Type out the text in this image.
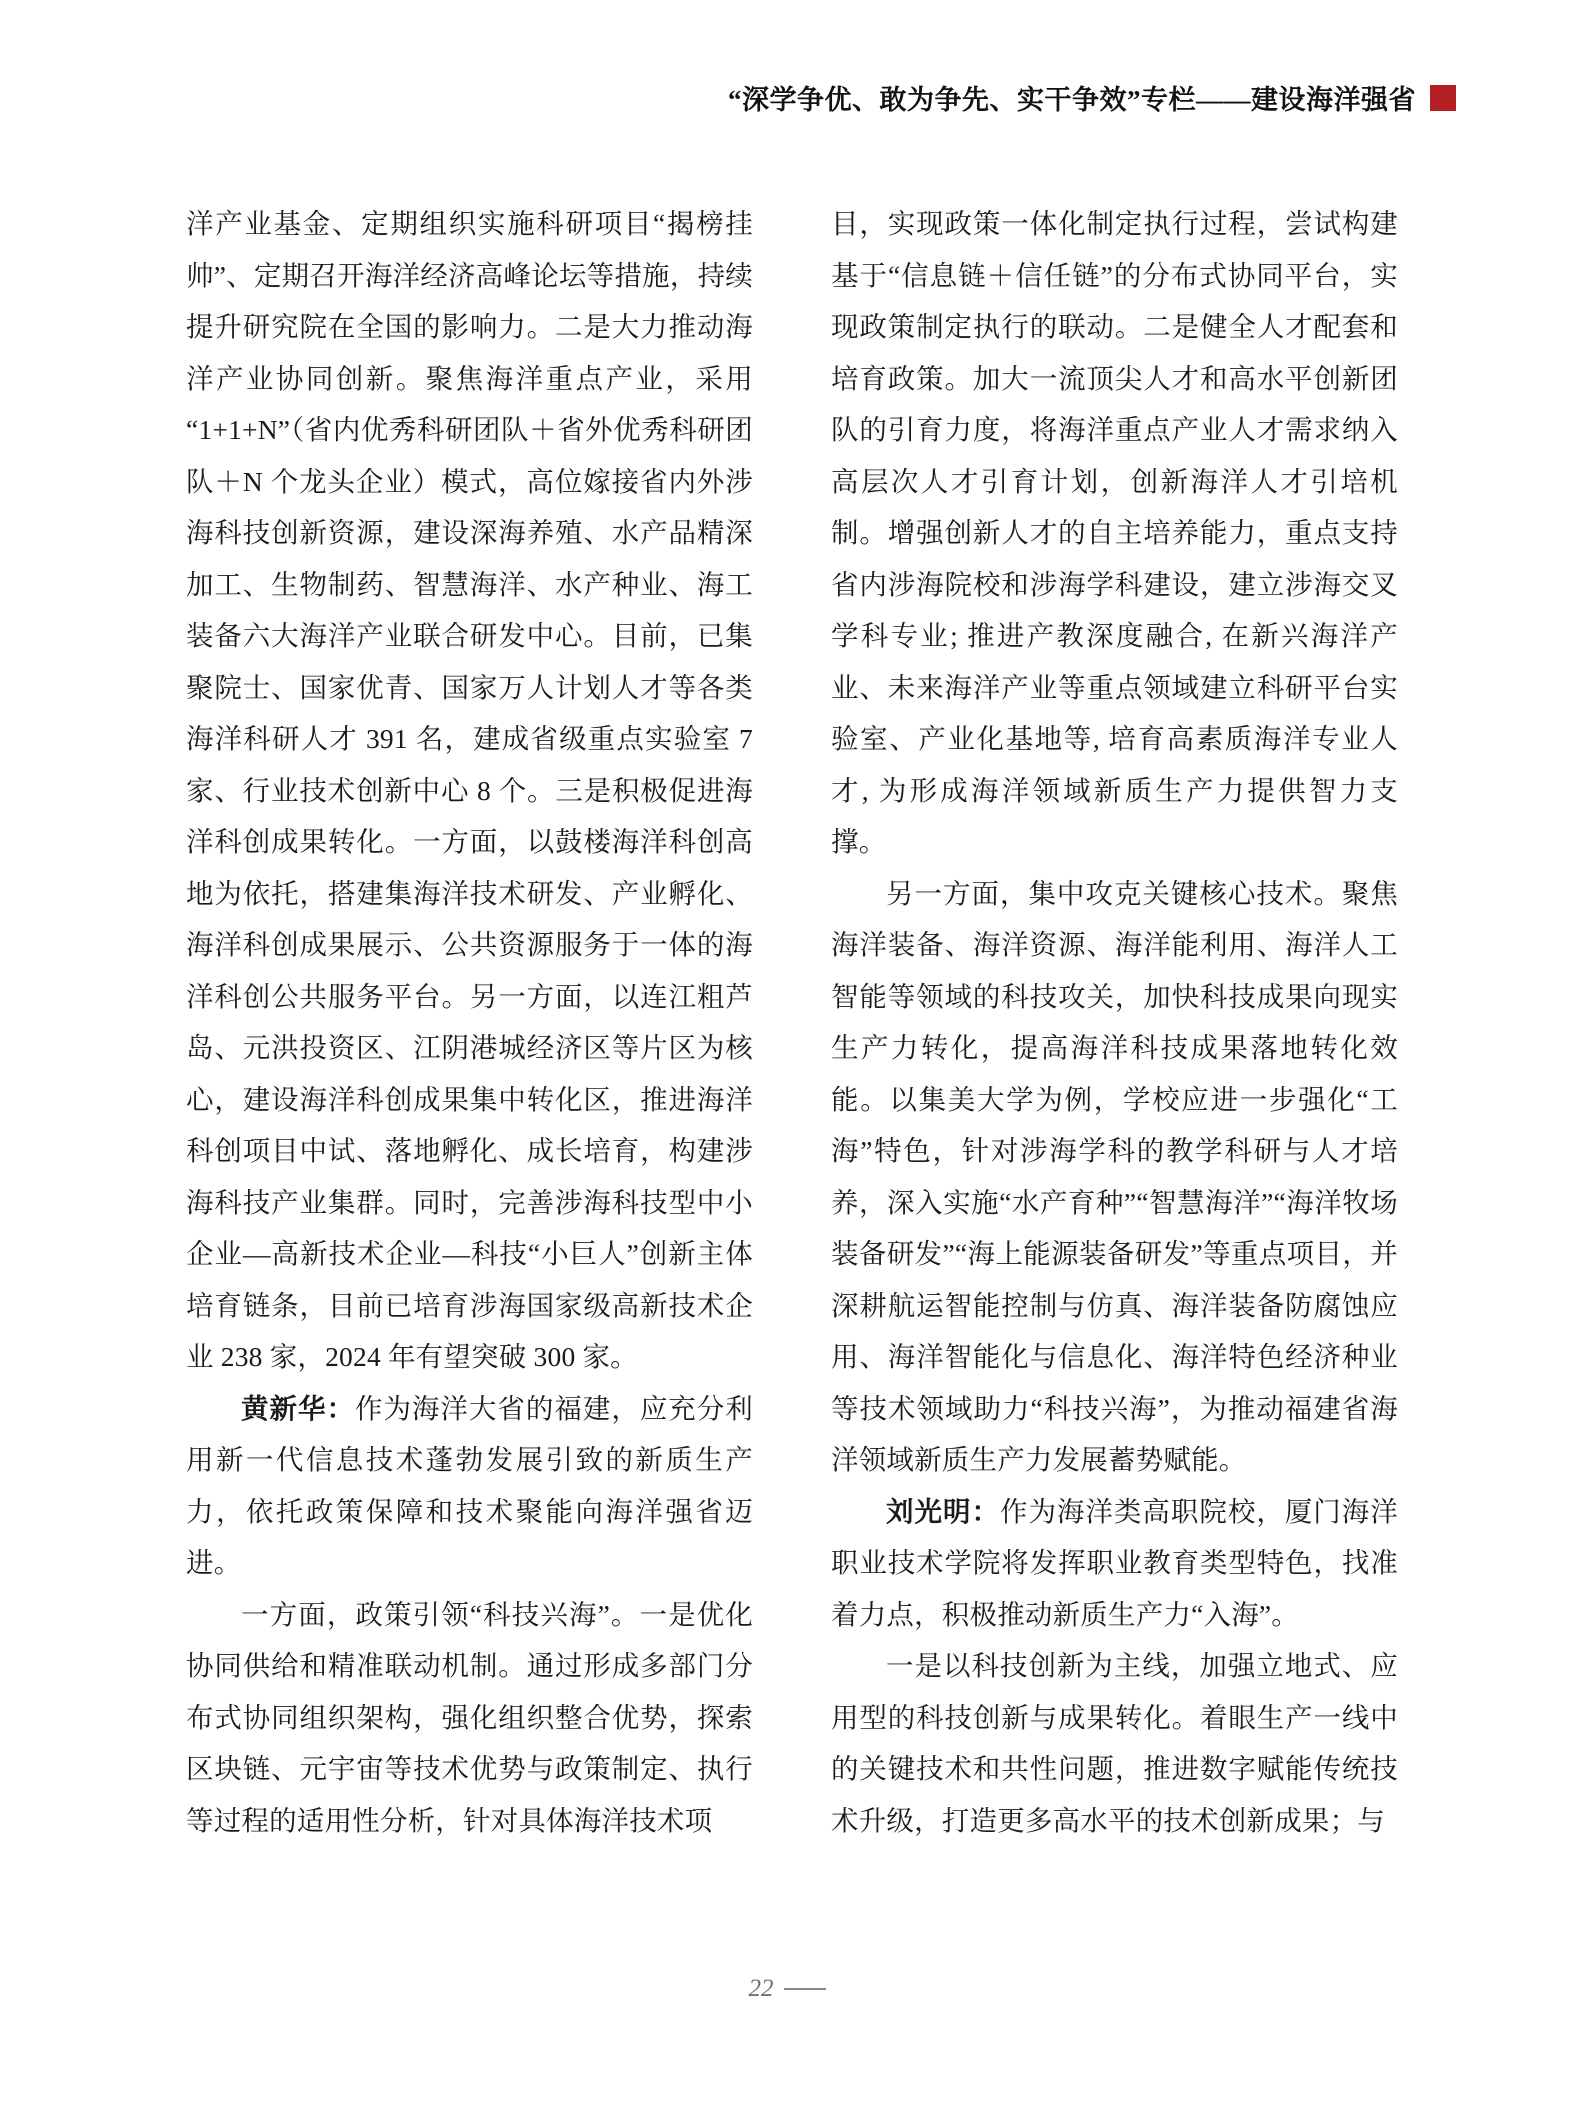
“深学争优、敢为争先、实干争效”专栏——建设海洋强省

洋产业基金、定期组织实施科研项目“揭榜挂帅”、定期召开海洋经济高峰论坛等措施，持续提升研究院在全国的影响力。二是大力推动海洋产业协同创新。聚焦海洋重点产业，采用“1+1+N”（省内优秀科研团队＋省外优秀科研团队＋N 个龙头企业）模式，高位嫁接省内外涉海科技创新资源，建设深海养殖、水产品精深加工、生物制药、智慧海洋、水产种业、海工装备六大海洋产业联合研发中心。目前，已集聚院士、国家优青、国家万人计划人才等各类海洋科研人才 391 名，建成省级重点实验室 7 家、行业技术创新中心 8 个。三是积极促进海洋科创成果转化。一方面，以鼓楼海洋科创高地为依托，搭建集海洋技术研发、产业孵化、海洋科创成果展示、公共资源服务于一体的海洋科创公共服务平台。另一方面，以连江粗芦岛、元洪投资区、江阴港城经济区等片区为核心，建设海洋科创成果集中转化区，推进海洋科创项目中试、落地孵化、成长培育，构建涉海科技产业集群。同时，完善涉海科技型中小企业—高新技术企业—科技“小巨人”创新主体培育链条，目前已培育涉海国家级高新技术企业 238 家，2024 年有望突破 300 家。

黄新华：作为海洋大省的福建，应充分利用新一代信息技术蓬勃发展引致的新质生产力，依托政策保障和技术聚能向海洋强省迈进。

一方面，政策引领“科技兴海”。一是优化协同供给和精准联动机制。通过形成多部门分布式协同组织架构，强化组织整合优势，探索区块链、元宇宙等技术优势与政策制定、执行等过程的适用性分析，针对具体海洋技术项

目，实现政策一体化制定执行过程，尝试构建基于“信息链＋信任链”的分布式协同平台，实现政策制定执行的联动。二是健全人才配套和培育政策。加大一流顶尖人才和高水平创新团队的引育力度，将海洋重点产业人才需求纳入高层次人才引育计划，创新海洋人才引培机制。增强创新人才的自主培养能力，重点支持省内涉海院校和涉海学科建设，建立涉海交叉学科专业; 推进产教深度融合, 在新兴海洋产业、未来海洋产业等重点领域建立科研平台实验室、产业化基地等, 培育高素质海洋专业人才, 为形成海洋领域新质生产力提供智力支撑。

另一方面，集中攻克关键核心技术。聚焦海洋装备、海洋资源、海洋能利用、海洋人工智能等领域的科技攻关，加快科技成果向现实生产力转化，提高海洋科技成果落地转化效能。以集美大学为例，学校应进一步强化“工海”特色，针对涉海学科的教学科研与人才培养，深入实施“水产育种”“智慧海洋”“海洋牧场装备研发”“海上能源装备研发”等重点项目，并深耕航运智能控制与仿真、海洋装备防腐蚀应用、海洋智能化与信息化、海洋特色经济种业等技术领域助力“科技兴海”，为推动福建省海洋领域新质生产力发展蓄势赋能。

刘光明：作为海洋类高职院校，厦门海洋职业技术学院将发挥职业教育类型特色，找准着力点，积极推动新质生产力“入海”。

一是以科技创新为主线，加强立地式、应用型的科技创新与成果转化。着眼生产一线中的关键技术和共性问题，推进数字赋能传统技术升级，打造更多高水平的技术创新成果；与

22
